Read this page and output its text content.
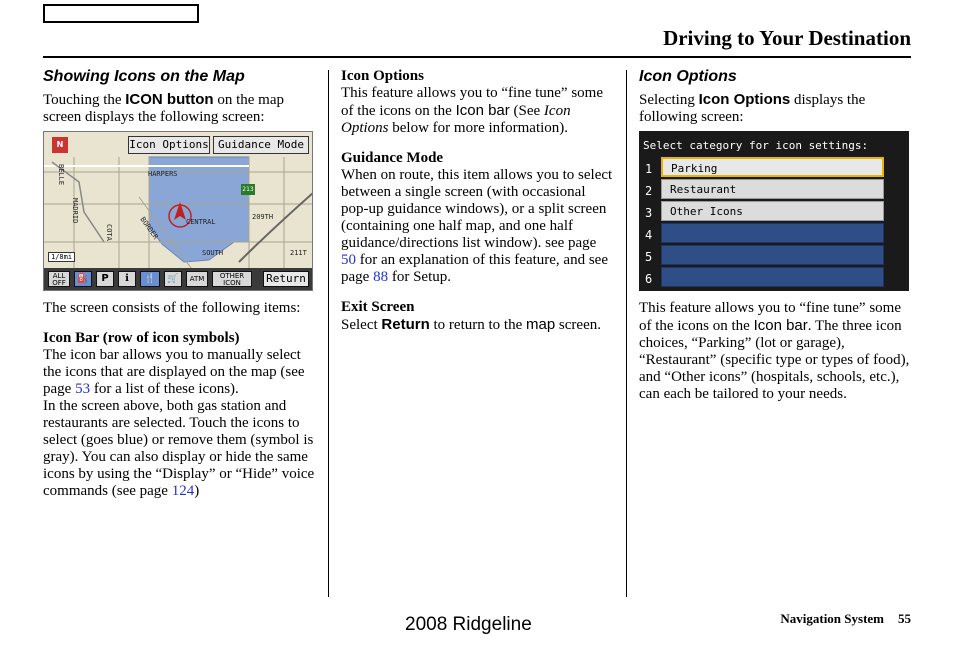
Driving to Your Destination
Showing Icons on the Map

Touching the ICON button on the map screen displays the following screen:

N	Icon Options Guidance Mode
HARPERS
CENTRAL
209TH
SOUTH	211T
MADRID
COTA	BORDER
BELLE
213
1/8mi
ALL OFF	⛽	P	ℹ	🍴	🛒	ATM	OTHER ICON	Return

The screen consists of the following items:

Icon Bar (row of icon symbols)

The icon bar allows you to manually select the icons that are displayed on the map (see page 53 for a list of these icons).

In the screen above, both gas station and restaurants are selected. Touch the icons to select (goes blue) or remove them (symbol is gray). You can also display or hide the same icons by using the “Display” or “Hide” voice commands (see page 124)

Icon Options

This feature allows you to “fine tune” some of the icons on the Icon bar (See Icon Options below for more information).

Guidance Mode

When on route, this item allows you to select between a single screen (with occasional pop-up guidance windows), or a split screen (containing one half map, and one half guidance/directions list window). see page 50 for an explanation of this feature, and see page 88 for Setup.

Exit Screen

Select Return to return to the map screen.

Icon Options

Selecting Icon Options displays the following screen:

Select category for icon settings:
1	Parking
2	Restaurant
3	Other Icons
4
5
6

This feature allows you to “fine tune” some of the icons on the Icon bar. The three icon choices, “Parking” (lot or garage), “Restaurant” (specific type or types of food), and “Other icons” (hospitals, schools, etc.), can each be tailored to your needs.

Navigation System 55
2008 Ridgeline
